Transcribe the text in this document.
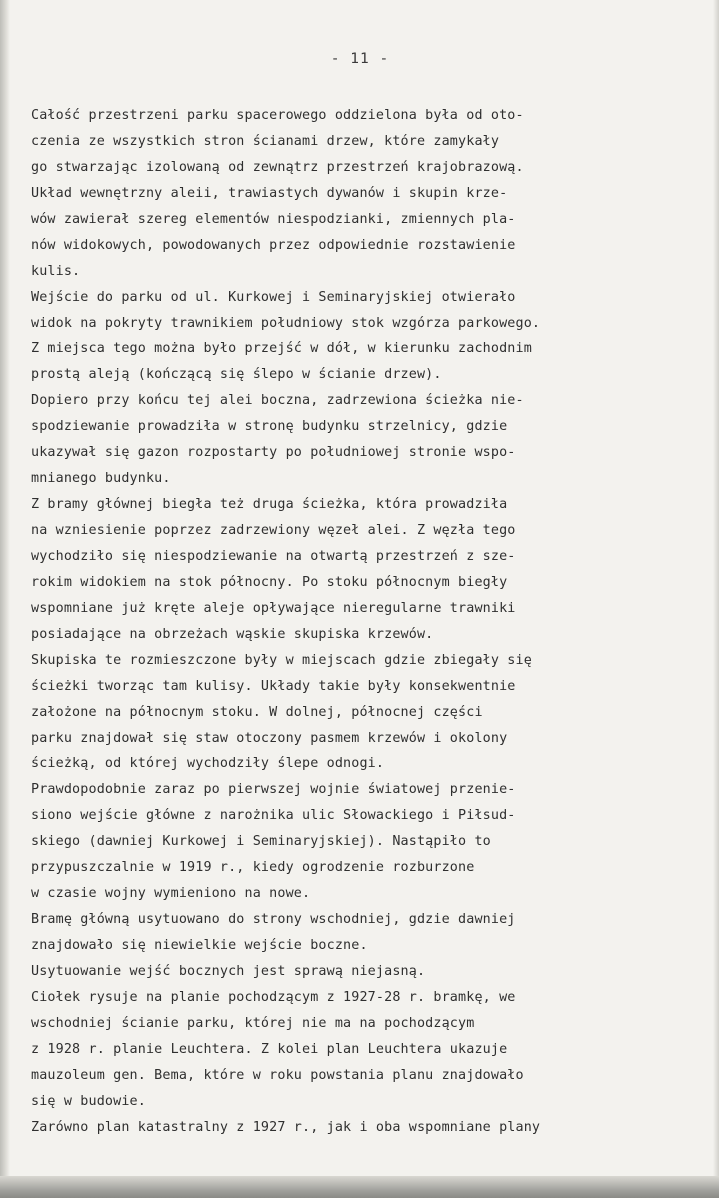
- 11 -
Całość przestrzeni parku spacerowego oddzielona była od oto-
czenia ze wszystkich stron ścianami drzew, które zamykały
go stwarzając izolowaną od zewnątrz przestrzeń krajobrazową.
Układ wewnętrzny aleii, trawiastych dywanów i skupin krze-
wów zawierał szereg elementów niespodzianki, zmiennych pla-
nów widokowych, powodowanych przez odpowiednie rozstawienie
kulis.
Wejście do parku od ul. Kurkowej i Seminaryjskiej otwierało
widok na pokryty trawnikiem południowy stok wzgórza parkowego.
Z miejsca tego można było przejść w dół, w kierunku zachodnim
prostą aleją (kończącą się ślepo w ścianie drzew).
Dopiero przy końcu tej alei boczna, zadrzewiona ścieżka nie-
spodziewanie prowadziła w stronę budynku strzelnicy, gdzie
ukazywał się gazon rozpostarty po południowej stronie wspo-
mnianego budynku.
Z bramy głównej biegła też druga ścieżka, która prowadziła
na wzniesienie poprzez zadrzewiony węzeł alei. Z węzła tego
wychodziło się niespodziewanie na otwartą przestrzeń z sze-
rokim widokiem na stok północny. Po stoku północnym biegły
wspomniane już kręte aleje opływające nieregularne trawniki
posiadające na obrzeżach wąskie skupiska krzewów.
Skupiska te rozmieszczone były w miejscach gdzie zbiegały się
ścieżki tworząc tam kulisy. Układy takie były konsekwentnie
założone na północnym stoku. W dolnej, północnej części
parku znajdował się staw otoczony pasmem krzewów i okolony
ścieżką, od której wychodziły ślepe odnogi.
Prawdopodobnie zaraz po pierwszej wojnie światowej przenie-
siono wejście główne z narożnika ulic Słowackiego i Piłsud-
skiego (dawniej Kurkowej i Seminaryjskiej). Nastąpiło to
przypuszczalnie w 1919 r., kiedy ogrodzenie rozburzone
w czasie wojny wymieniono na nowe.
Bramę główną usytuowano do strony wschodniej, gdzie dawniej
znajdowało się niewielkie wejście boczne.
Usytuowanie wejść bocznych jest sprawą niejasną.
Ciołek rysuje na planie pochodzącym z 1927-28 r. bramkę, we
wschodniej ścianie parku, której nie ma na pochodzącym
z 1928 r. planie Leuchtera. Z kolei plan Leuchtera ukazuje
mauzoleum gen. Bema, które w roku powstania planu znajdowało
się w budowie.
Zarówno plan katastralny z 1927 r., jak i oba wspomniane plany
